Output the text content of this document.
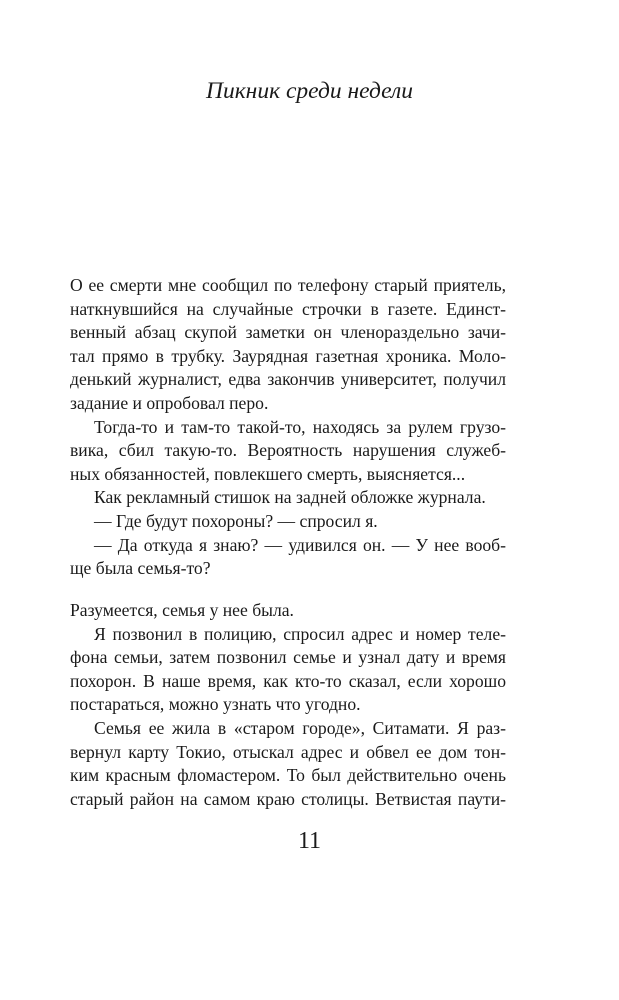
Пикник среди недели
О ее смерти мне сообщил по телефону старый приятель,
наткнувшийся на случайные строчки в газете. Единст-
венный абзац скупой заметки он членораздельно зачи-
тал прямо в трубку. Заурядная газетная хроника. Моло-
денький журналист, едва закончив университет, получил
задание и опробовал перо.
Тогда-то и там-то такой-то, находясь за рулем грузо-
вика, сбил такую-то. Вероятность нарушения служеб-
ных обязанностей, повлекшего смерть, выясняется...
Как рекламный стишок на задней обложке журнала.
— Где будут похороны? — спросил я.
— Да откуда я знаю? — удивился он. — У нее вооб-
ще была семья-то?
Разумеется, семья у нее была.
Я позвонил в полицию, спросил адрес и номер теле-
фона семьи, затем позвонил семье и узнал дату и время
похорон. В наше время, как кто-то сказал, если хорошо
постараться, можно узнать что угодно.
Семья ее жила в «старом городе», Ситамати. Я раз-
вернул карту Токио, отыскал адрес и обвел ее дом тон-
ким красным фломастером. То был действительно очень
старый район на самом краю столицы. Ветвистая паути-
11
